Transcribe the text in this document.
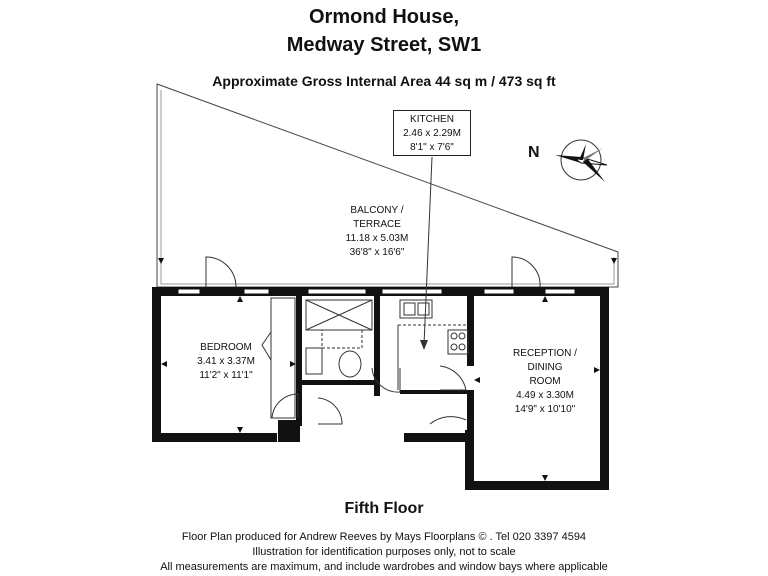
Ormond House,
Medway Street, SW1
Approximate Gross Internal Area 44 sq m / 473 sq ft
KITCHEN
2.46 x 2.29M
8'1" x 7'6"
BALCONY /
TERRACE
11.18 x 5.03M
36'8" x 16'6"
BEDROOM
3.41 x 3.37M
11'2" x 11'1"
RECEPTION /
DINING
ROOM
4.49 x 3.30M
14'9" x 10'10"
N
Fifth Floor
Floor Plan produced for Andrew Reeves by Mays Floorplans © . Tel 020 3397 4594
Illustration for identification purposes only, not to scale
All measurements are maximum, and include wardrobes and window bays where applicable
